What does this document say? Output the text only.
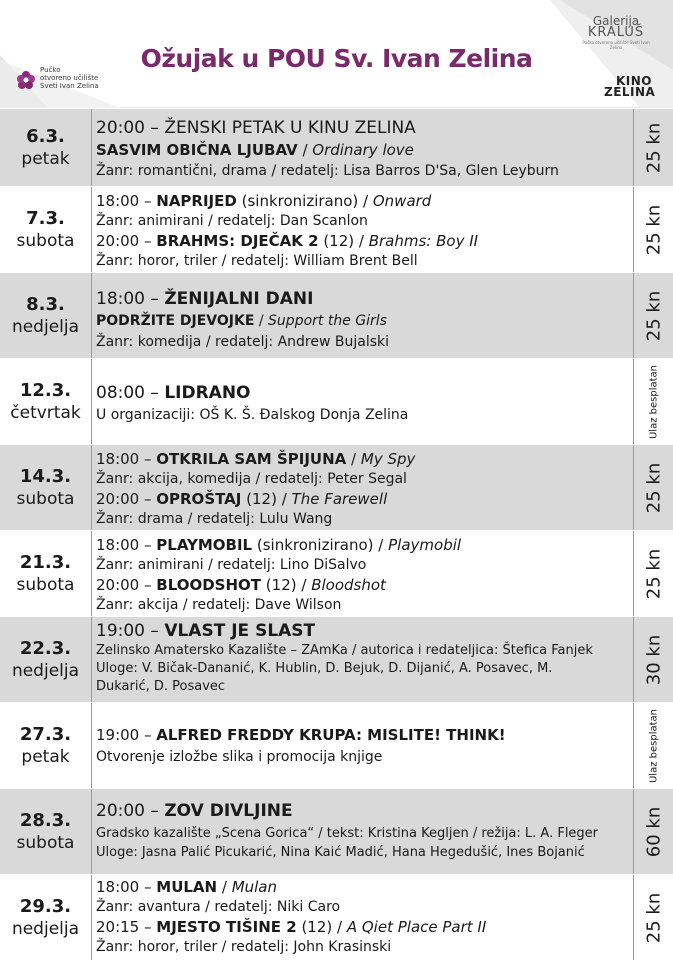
Ožujak u POU Sv. Ivan Zelina
Pučko
otvoreno učilište
Sveti Ivan Zelina
Galerija
KRALUŠ
Pučko otvoreno učilište Sveti Ivan Zelina
KINO
ZELINA
6.3.
petak
20:00 – ŽENSKI PETAK U KINU ZELINA
SASVIM OBIČNA LJUBAV / Ordinary love
Žanr: romantični, drama / redatelj: Lisa Barros D'Sa, Glen Leyburn	25 kn
7.3.
subota
18:00 – NAPRIJED (sinkronizirano) / Onward
Žanr: animirani / redatelj: Dan Scanlon
20:00 – BRAHMS: DJEČAK 2 (12) / Brahms: Boy II
Žanr: horor, triler / redatelj: William Brent Bell
25 kn
8.3.
nedjelja
18:00 – ŽENIJALNI DANI
PODRŽITE DJEVOJKE / Support the Girls
Žanr: komedija / redatelj: Andrew Bujalski
25 kn
12.3.
četvrtak
08:00 – LIDRANO
U organizaciji: OŠ K. Š. Đalskog Donja Zelina	Ulaz besplatan
14.3.
subota
18:00 – OTKRILA SAM ŠPIJUNA / My Spy
Žanr: akcija, komedija / redatelj: Peter Segal
20:00 – OPROŠTAJ (12) / The Farewell
Žanr: drama / redatelj: Lulu Wang
25 kn
21.3.
subota
18:00 – PLAYMOBIL (sinkronizirano) / Playmobil
Žanr: animirani / redatelj: Lino DiSalvo
20:00 – BLOODSHOT (12) / Bloodshot
Žanr: akcija / redatelj: Dave Wilson
25 kn
22.3.
nedjelja
19:00 – VLAST JE SLAST
Zelinsko Amatersko Kazalište – ZAmKa / autorica i redateljica: Štefica Fanjek
Uloge: V. Bičak-Dananić, K. Hublin, D. Bejuk, D. Dijanić, A. Posavec, M.
Dukarić, D. Posavec
30 kn
27.3.
petak
19:00 – ALFRED FREDDY KRUPA: MISLITE! THINK!
Otvorenje izložbe slika i promocija knjige	Ulaz besplatan
28.3.
subota
20:00 – ZOV DIVLJINE
Gradsko kazalište „Scena Gorica“ / tekst: Kristina Kegljen / režija: L. A. Fleger
Uloge: Jasna Palić Picukarić, Nina Kaić Madić, Hana Hegedušić, Ines Bojanić	60 kn
29.3.
nedjelja
18:00 – MULAN / Mulan
Žanr: avantura / redatelj: Niki Caro
20:15 – MJESTO TIŠINE 2 (12) / A Qiet Place Part II
Žanr: horor, triler / redatelj: John Krasinski
25 kn
